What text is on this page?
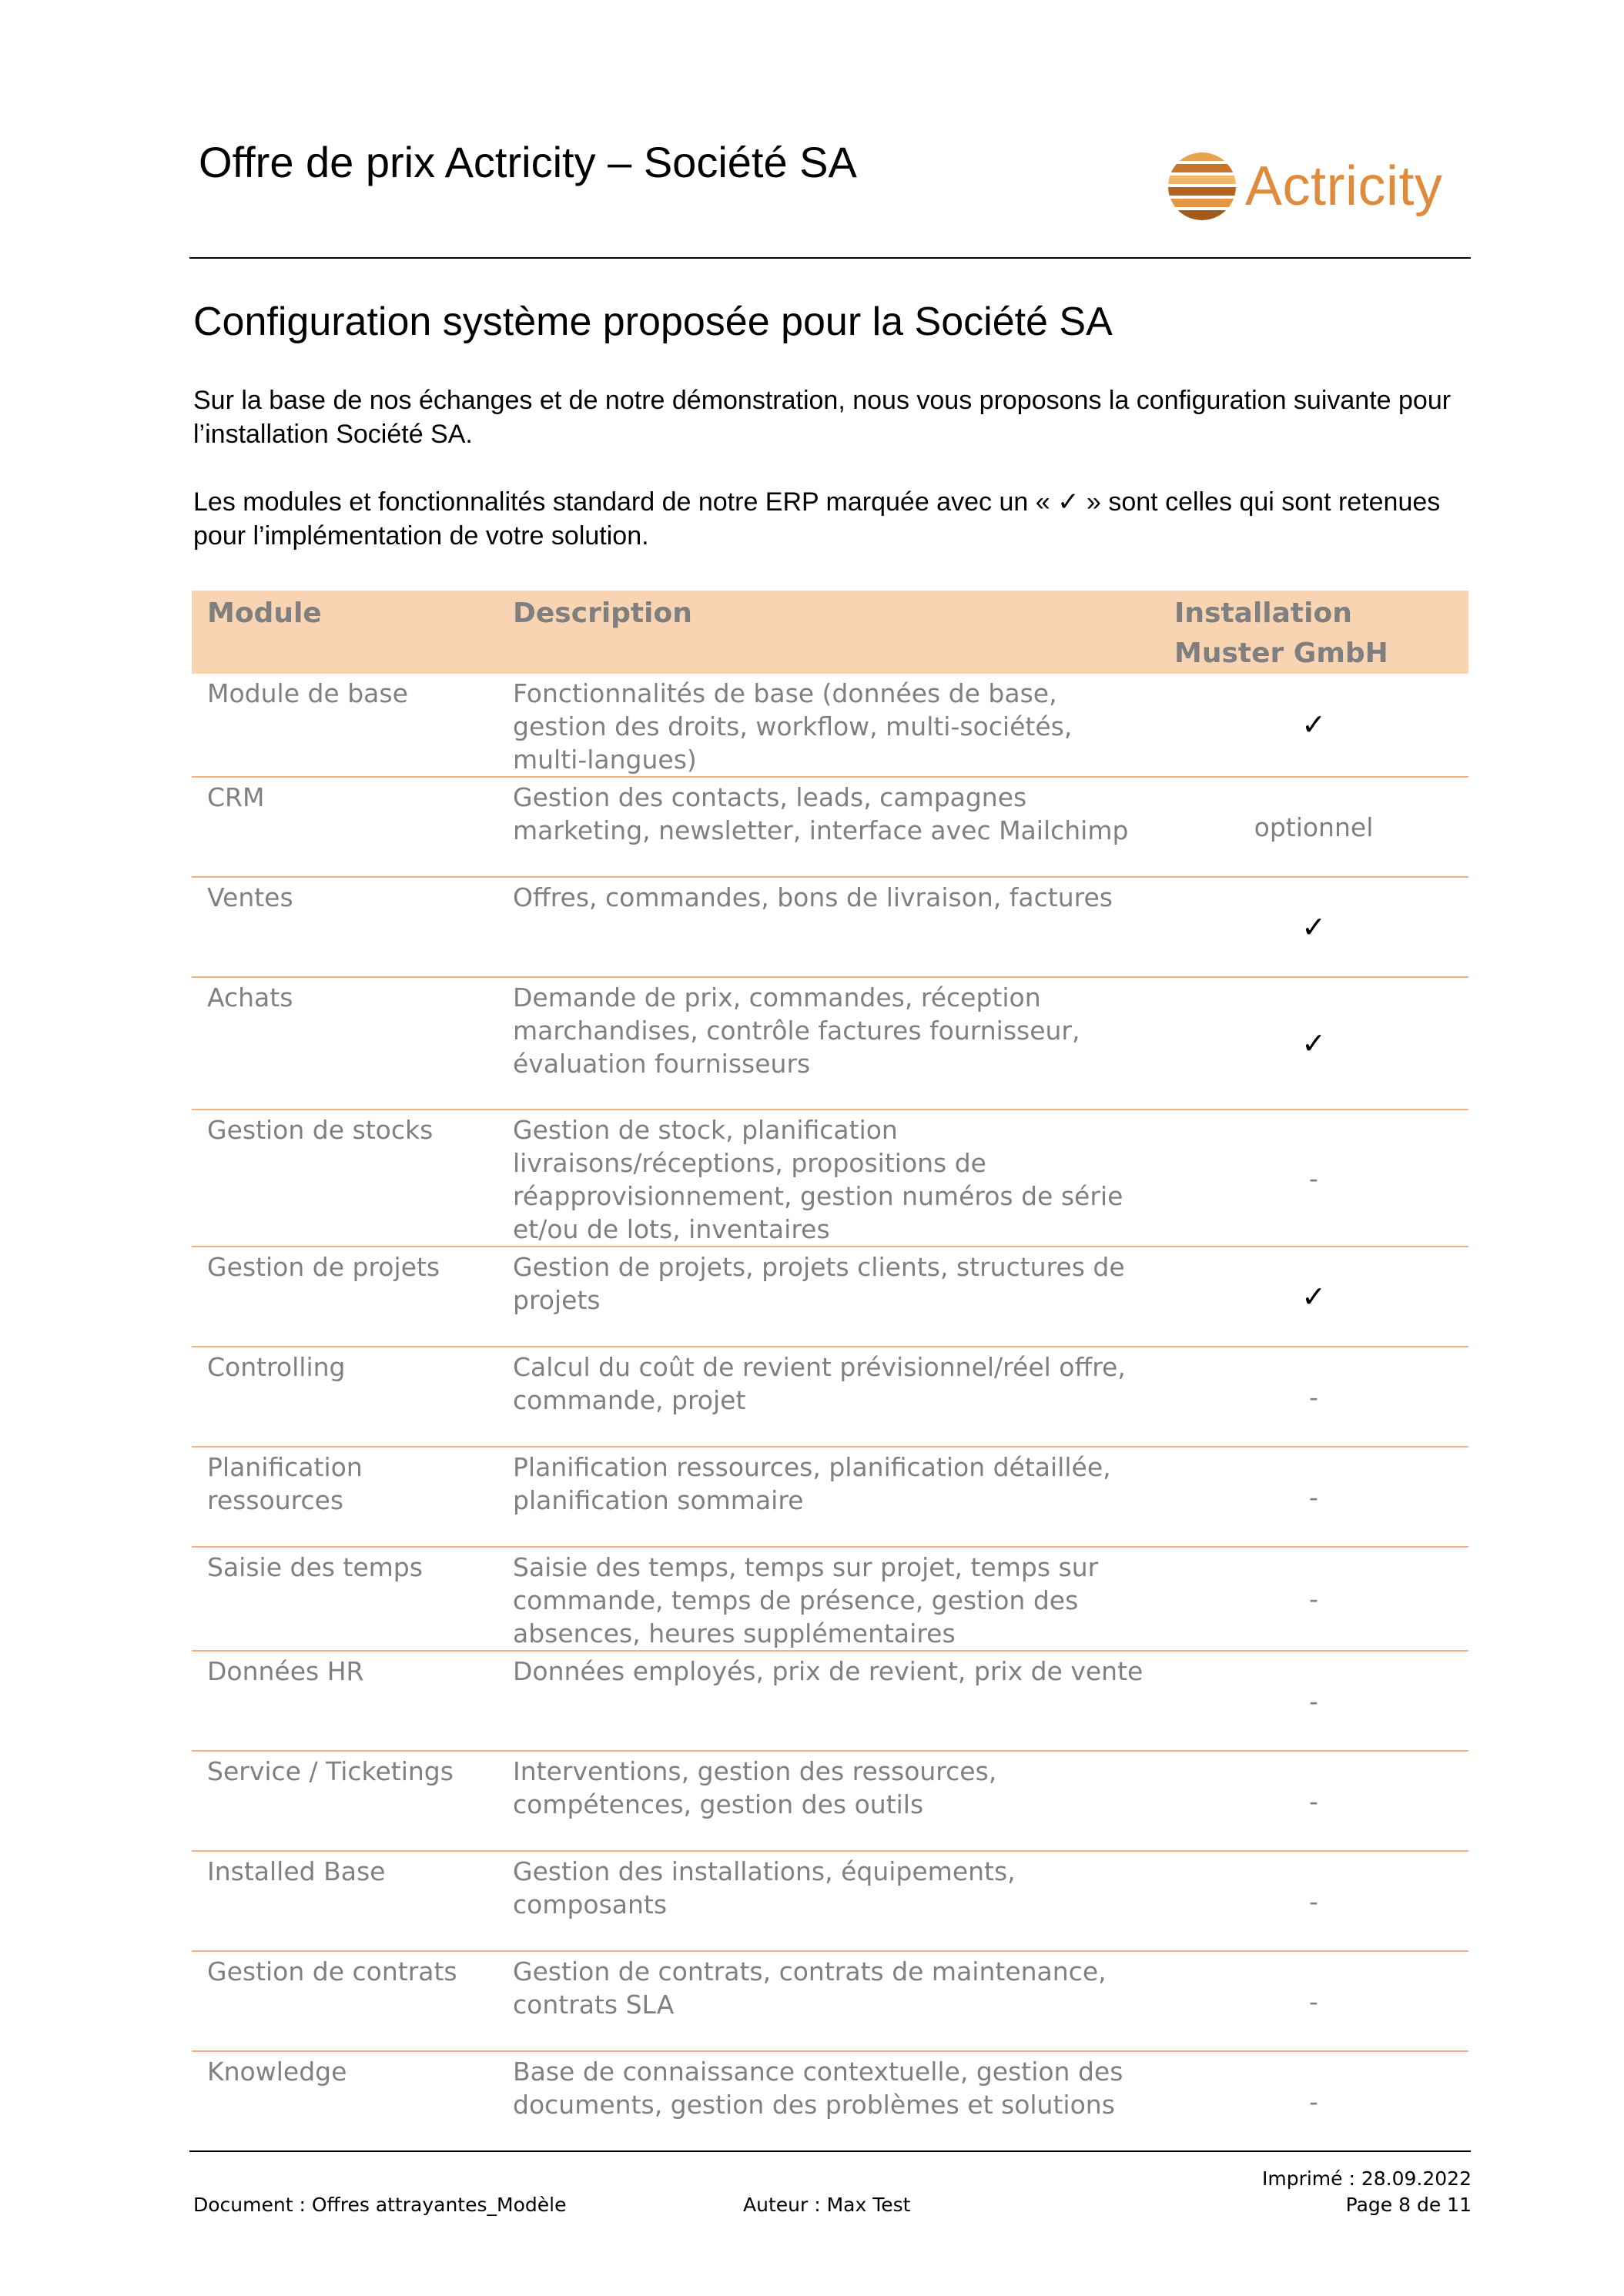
Offre de prix Actricity – Société SA	Actricity
Configuration système proposée pour la Société SA
Sur la base de nos échanges et de notre démonstration, nous vous proposons la configuration suivante pour l’installation Société SA.
Les modules et fonctionnalités standard de notre ERP marquée avec un « ✓ » sont celles qui sont retenues pour l’implémentation de votre solution.
Module	Description	Installation Muster GmbH
Module de base	Fonctionnalités de base (données de base, gestion des droits, workflow, multi-sociétés, multi-langues)	✓
CRM	Gestion des contacts, leads, campagnes marketing, newsletter, interface avec Mailchimp	optionnel
Ventes	Offres, commandes, bons de livraison, factures	✓
Achats	Demande de prix, commandes, réception marchandises, contrôle factures fournisseur, évaluation fournisseurs	✓
Gestion de stocks	Gestion de stock, planification livraisons/réceptions, propositions de réapprovisionnement, gestion numéros de série et/ou de lots, inventaires	-
Gestion de projets	Gestion de projets, projets clients, structures de projets	✓
Controlling	Calcul du coût de revient prévisionnel/réel offre, commande, projet	-
Planification ressources	Planification ressources, planification détaillée, planification sommaire	-
Saisie des temps	Saisie des temps, temps sur projet, temps sur commande, temps de présence, gestion des absences, heures supplémentaires	-
Données HR	Données employés, prix de revient, prix de vente	-
Service / Ticketings	Interventions, gestion des ressources, compétences, gestion des outils	-
Installed Base	Gestion des installations, équipements, composants	-
Gestion de contrats	Gestion de contrats, contrats de maintenance, contrats SLA	-
Knowledge	Base de connaissance contextuelle, gestion des documents, gestion des problèmes et solutions	-
Imprimé : 28.09.2022
Document : Offres attrayantes_Modèle	Auteur : Max Test	Page 8 de 11
